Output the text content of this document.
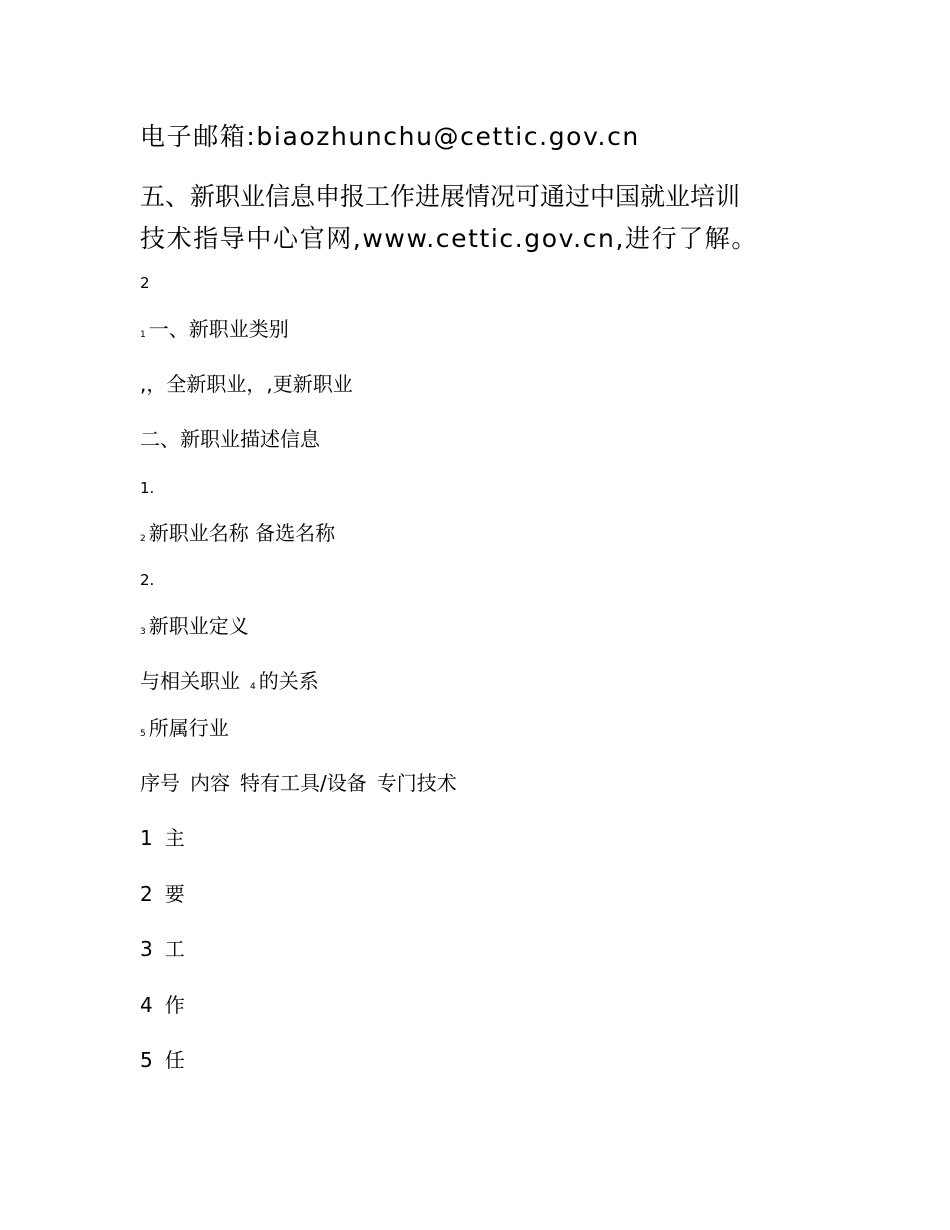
电子邮箱:biaozhunchu@cettic.gov.cn
五、新职业信息申报工作进展情况可通过中国就业培训
技术指导中心官网,www.cettic.gov.cn,进行了解。
2
1 一、新职业类别
,，全新职业，,更新职业
二、新职业描述信息
1.
2 新职业名称 备选名称
2.
3 新职业定义
与相关职业 4 的关系
5 所属行业
序号 内容 特有工具/设备 专门技术
1 主
2 要
3 工
4 作
5 任
